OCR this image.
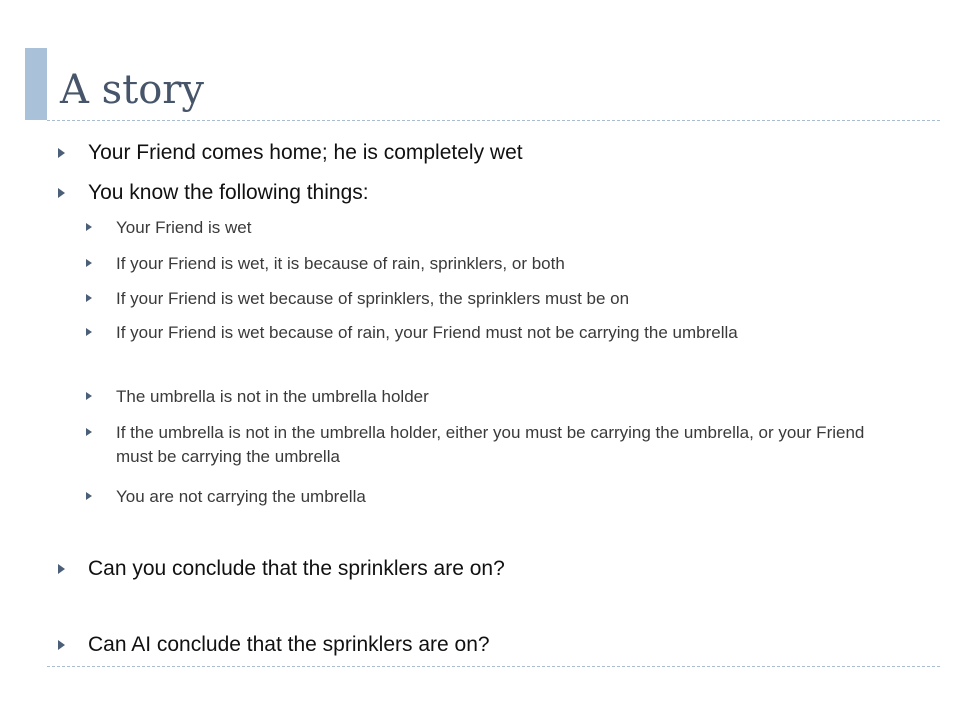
A story
Your Friend comes home; he is completely wet
You know the following things:
Your Friend is wet
If your Friend is wet, it is because of rain, sprinklers, or both
If your Friend is wet because of sprinklers, the sprinklers must be on
If your Friend is wet because of rain, your Friend must not be carrying the umbrella
The umbrella is not in the umbrella holder
If the umbrella is not in the umbrella holder, either you must be carrying the umbrella, or your Friend must be carrying the umbrella
You are not carrying the umbrella
Can you conclude that the sprinklers are on?
Can AI conclude that the sprinklers are on?
